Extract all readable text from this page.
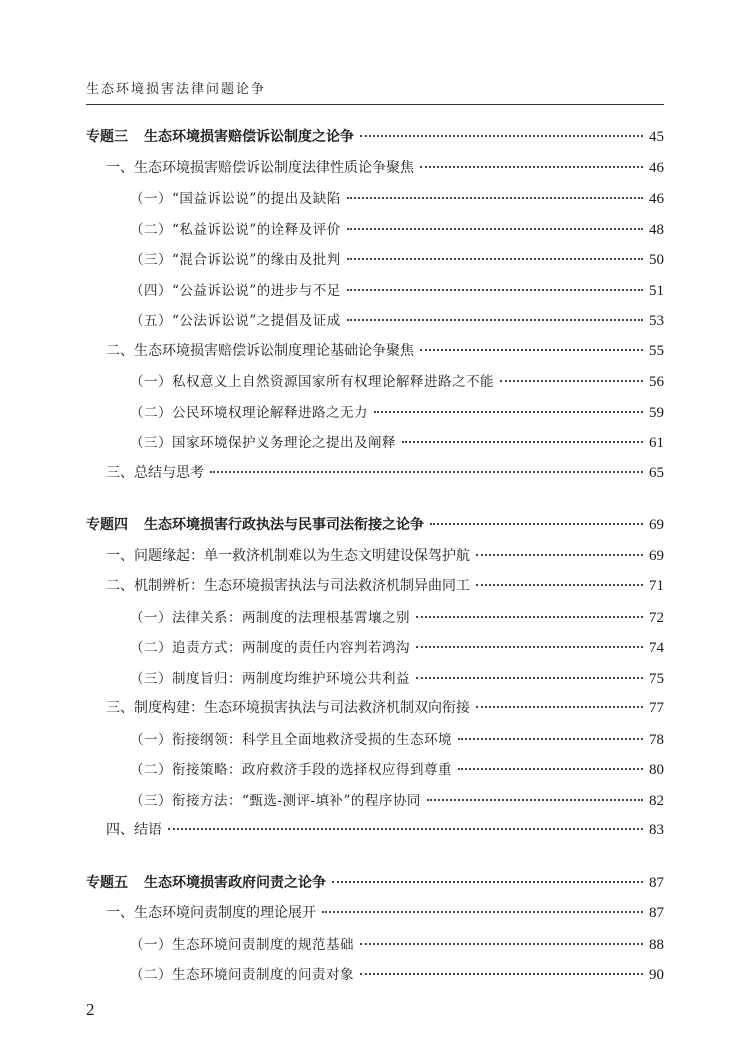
生态环境损害法律问题论争
专题三 生态环境损害赔偿诉讼制度之论争	45
一、生态环境损害赔偿诉讼制度法律性质论争聚焦	46
（一）“国益诉讼说”的提出及缺陷	46
（二）“私益诉讼说”的诠释及评价	48
（三）“混合诉讼说”的缘由及批判	50
（四）“公益诉讼说”的进步与不足	51
（五）“公法诉讼说”之提倡及证成	53
二、生态环境损害赔偿诉讼制度理论基础论争聚焦	55
（一）私权意义上自然资源国家所有权理论解释进路之不能	56
（二）公民环境权理论解释进路之无力	59
（三）国家环境保护义务理论之提出及阐释	61
三、总结与思考	65
专题四 生态环境损害行政执法与民事司法衔接之论争	69
一、问题缘起：单一救济机制难以为生态文明建设保驾护航	69
二、机制辨析：生态环境损害执法与司法救济机制异曲同工	71
（一）法律关系：两制度的法理根基霄壤之别	72
（二）追责方式：两制度的责任内容判若鸿沟	74
（三）制度旨归：两制度均维护环境公共利益	75
三、制度构建：生态环境损害执法与司法救济机制双向衔接	77
（一）衔接纲领：科学且全面地救济受损的生态环境	78
（二）衔接策略：政府救济手段的选择权应得到尊重	80
（三）衔接方法：“甄选-测评-填补”的程序协同	82
四、结语	83
专题五 生态环境损害政府问责之论争	87
一、生态环境问责制度的理论展开	87
（一）生态环境问责制度的规范基础	88
（二）生态环境问责制度的问责对象	90
2
